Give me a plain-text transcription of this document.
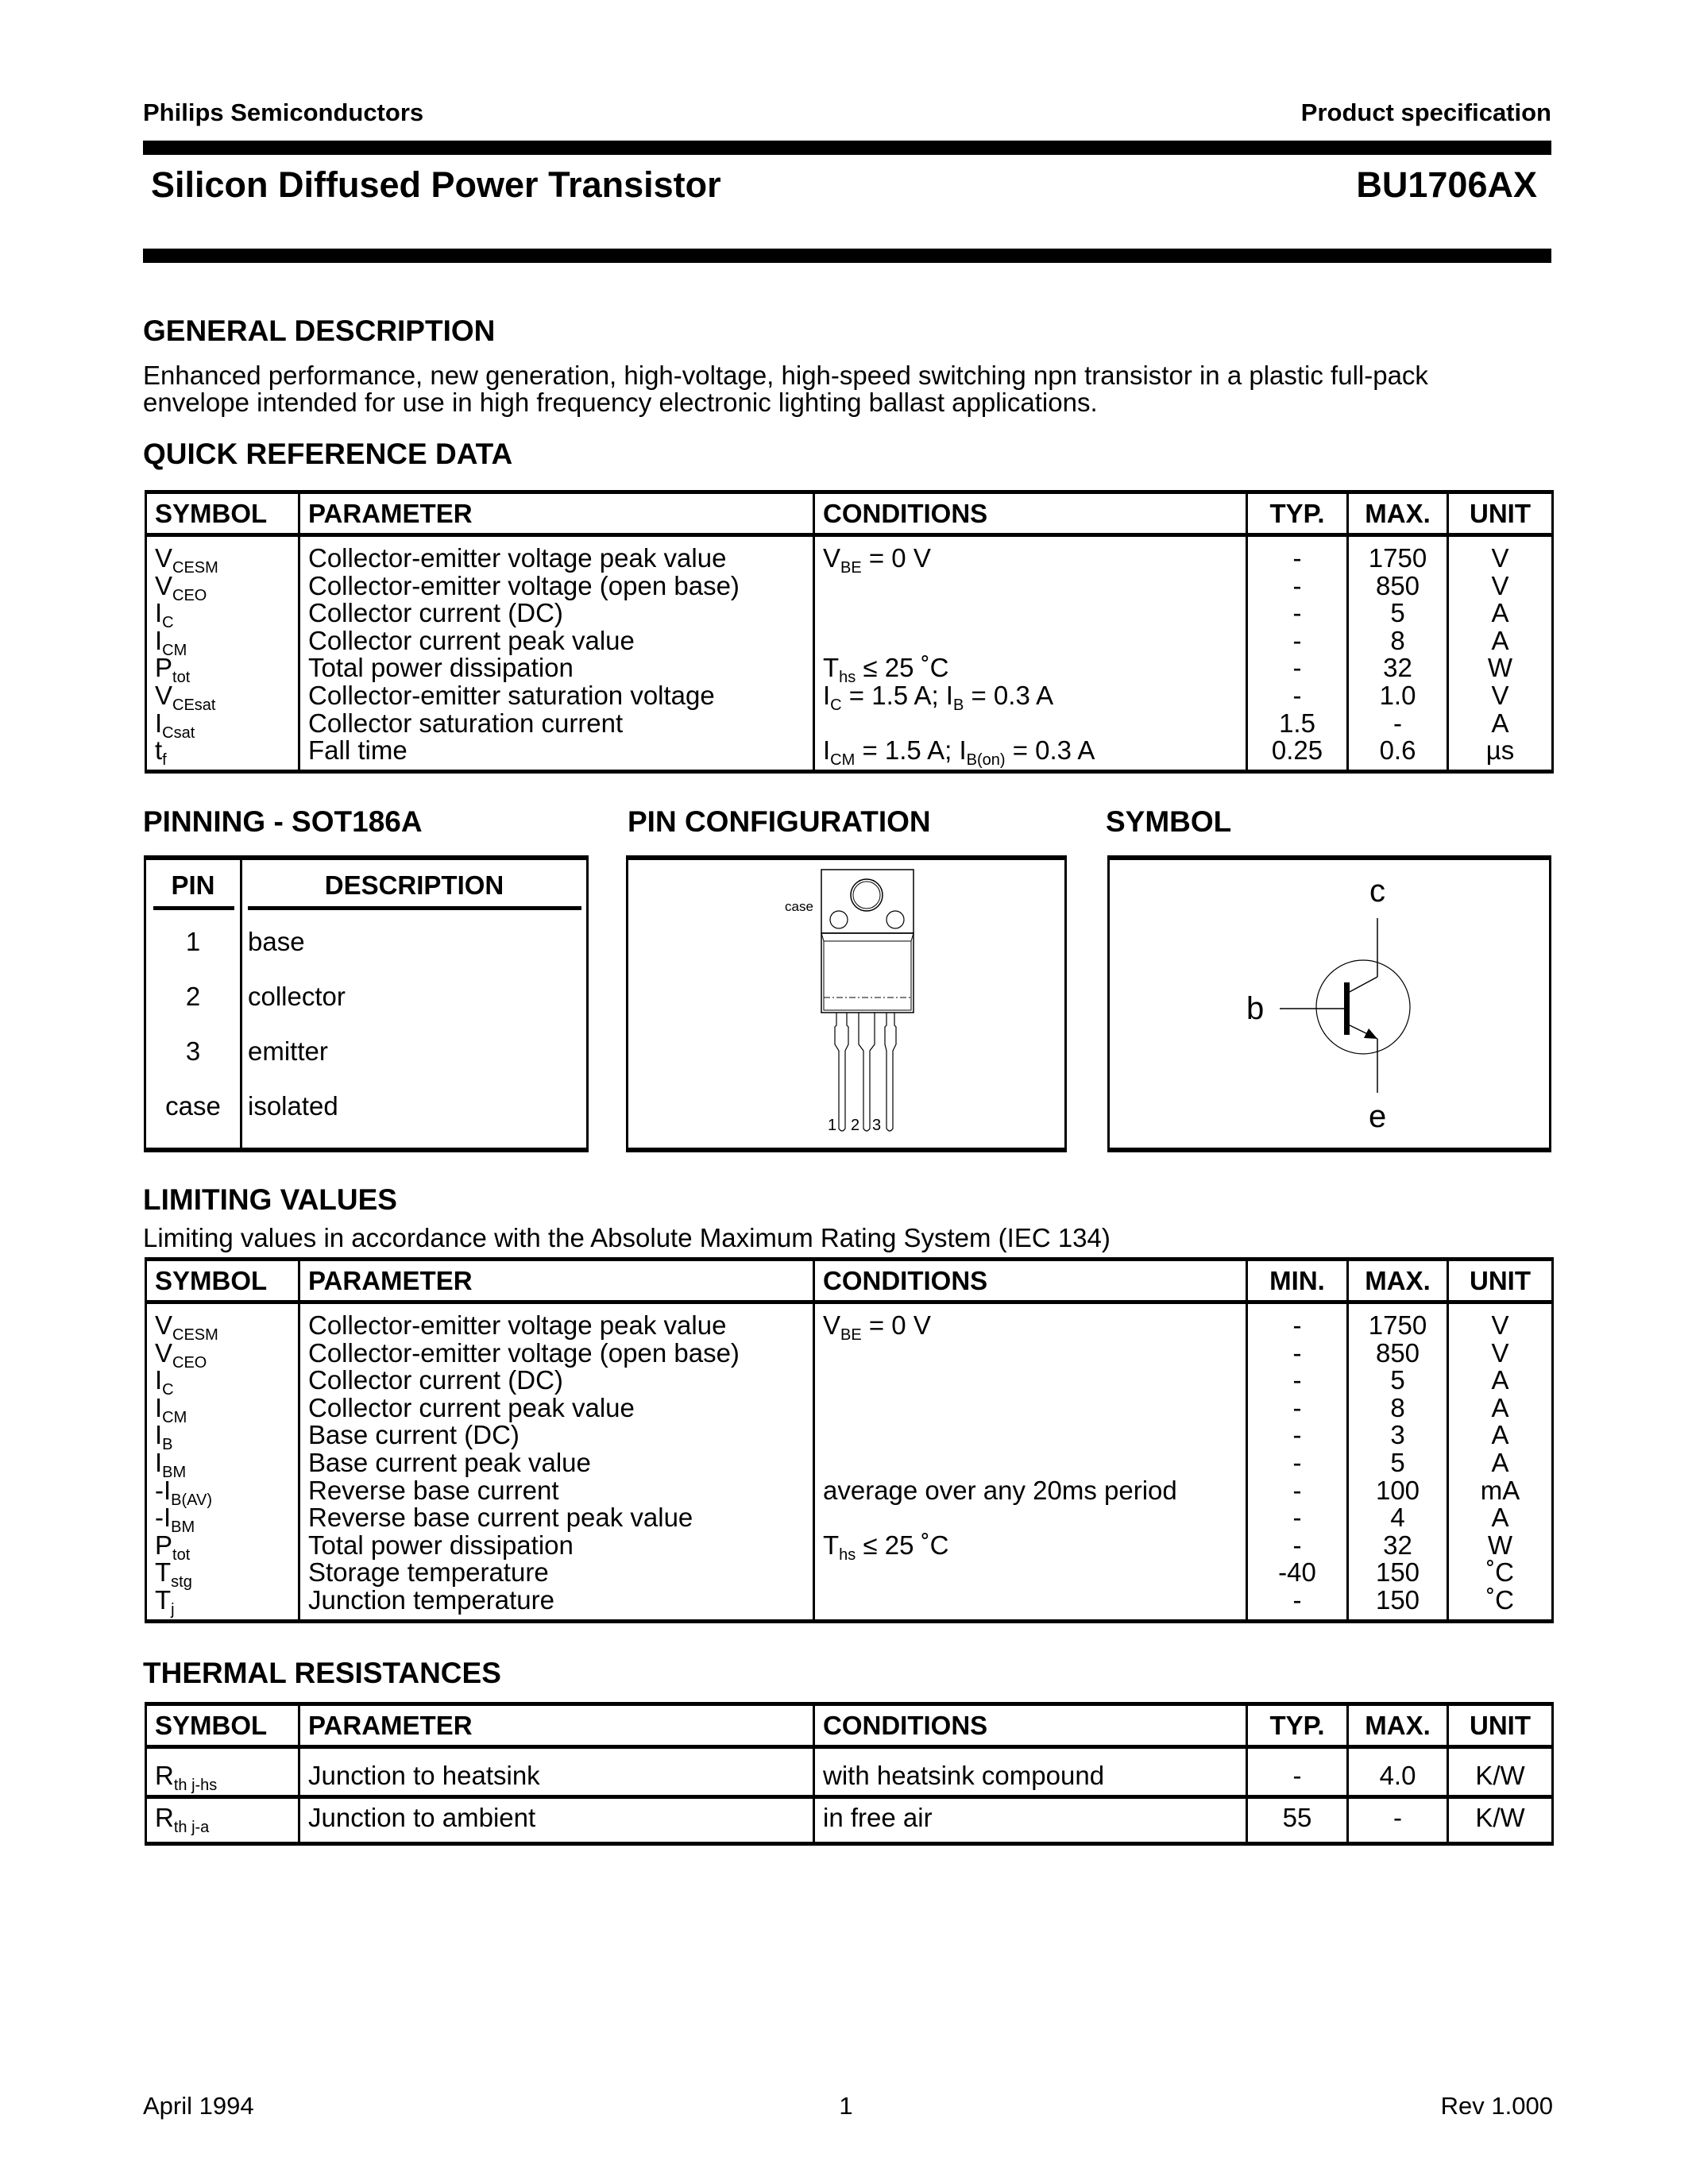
Philips Semiconductors	Product specification
Silicon Diffused Power Transistor	BU1706AX
GENERAL DESCRIPTION
Enhanced performance, new generation, high-voltage, high-speed switching npn transistor in a plastic full-pack
envelope intended for use in high frequency electronic lighting ballast applications.
QUICK REFERENCE DATA
SYMBOL	PARAMETER	CONDITIONS	TYP.	MAX.	UNIT
$V_{CESM}$	Collector-emitter voltage peak value	$V_{BE} = 0$ V	-	1750	V
$V_{CEO}$	Collector-emitter voltage (open base)		-	850	V
$I_C$	Collector current (DC)		-	5	A
$I_{CM}$	Collector current peak value		-	8	A
$P_{tot}$	Total power dissipation	$T_{hs} \le 25$ ˚C	-	32	W
$V_{CEsat}$	Collector-emitter saturation voltage	$I_C = 1.5$ A; $I_B = 0.3$ A	-	1.0	V
$I_{Csat}$	Collector saturation current		1.5	-	A
$t_f$	Fall time	$I_{CM} = 1.5$ A; $I_{B(on)} = 0.3$ A	0.25	0.6	µs
PINNING - SOT186A	PIN CONFIGURATION	SYMBOL
PIN	DESCRIPTION
1	base
2	collector
3	emitter
case	isolated
case
1 2 3
c
b
e
LIMITING VALUES
Limiting values in accordance with the Absolute Maximum Rating System (IEC 134)
SYMBOL	PARAMETER	CONDITIONS	MIN.	MAX.	UNIT
$V_{CESM}$	Collector-emitter voltage peak value	$V_{BE} = 0$ V	-	1750	V
$V_{CEO}$	Collector-emitter voltage (open base)		-	850	V
$I_C$	Collector current (DC)		-	5	A
$I_{CM}$	Collector current peak value		-	8	A
$I_B$	Base current (DC)		-	3	A
$I_{BM}$	Base current peak value		-	5	A
$-I_{B(AV)}$	Reverse base current	average over any 20ms period	-	100	mA
$-I_{BM}$	Reverse base current peak value		-	4	A
$P_{tot}$	Total power dissipation	$T_{hs} \le 25$ ˚C	-	32	W
$T_{stg}$	Storage temperature		-40	150	˚C
$T_j$	Junction temperature		-	150	˚C
THERMAL RESISTANCES
SYMBOL	PARAMETER	CONDITIONS	TYP.	MAX.	UNIT
$R_{th j-hs}$	Junction to heatsink	with heatsink compound	-	4.0	K/W
$R_{th j-a}$	Junction to ambient	in free air	55	-	K/W
April 1994	1	Rev 1.000
